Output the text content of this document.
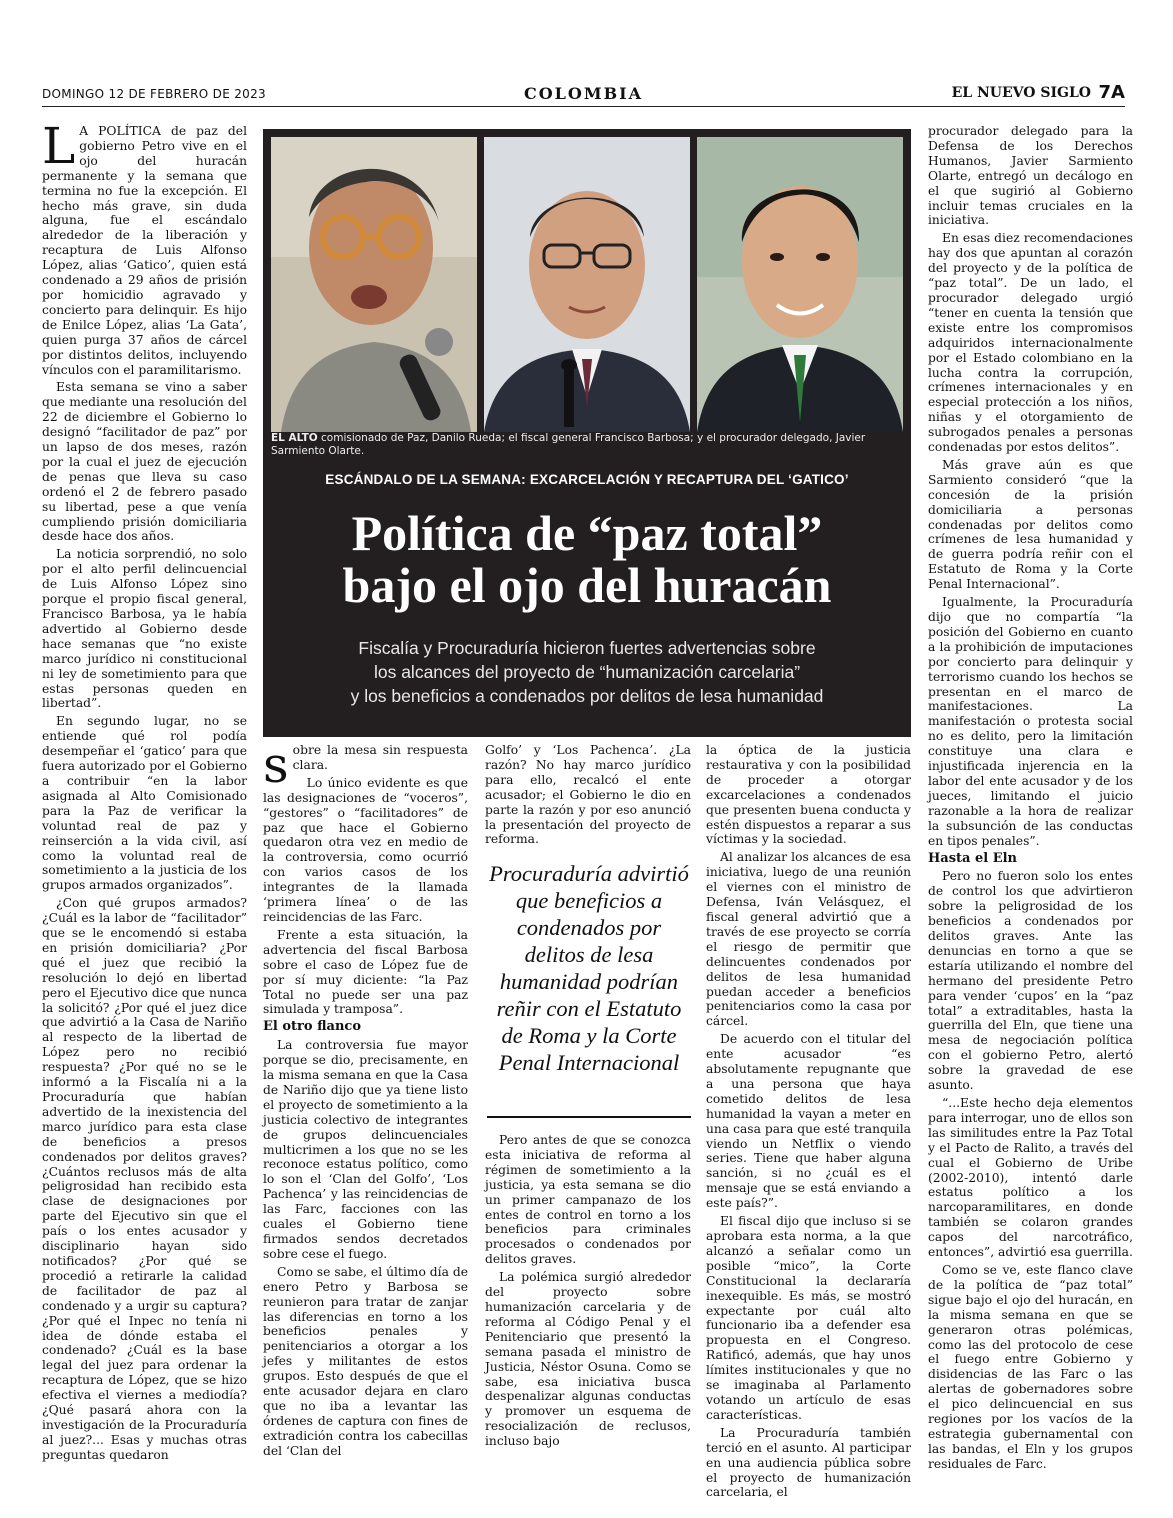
DOMINGO 12 DE FEBRERO DE 2023	COLOMBIA	EL NUEVO SIGLO 7A

LA POLÍTICA de paz del gobierno Petro vive en el ojo del huracán permanente y la semana que termina no fue la excepción. El hecho más grave, sin duda alguna, fue el escándalo alrededor de la liberación y recaptura de Luis Alfonso López, alias ‘Gatico’, quien está condenado a 29 años de prisión por homicidio agravado y concierto para delinquir. Es hijo de Enilce López, alias ‘La Gata’, quien purga 37 años de cárcel por distintos delitos, incluyendo vínculos con el paramilitarismo.

Esta semana se vino a saber que mediante una resolución del 22 de diciembre el Gobierno lo designó “facilitador de paz” por un lapso de dos meses, razón por la cual el juez de ejecución de penas que lleva su caso ordenó el 2 de febrero pasado su libertad, pese a que venía cumpliendo prisión domiciliaria desde hace dos años.

La noticia sorprendió, no solo por el alto perfil delincuencial de Luis Alfonso López sino porque el propio fiscal general, Francisco Barbosa, ya le había advertido al Gobierno desde hace semanas que “no existe marco jurídico ni constitucional ni ley de sometimiento para que estas personas queden en libertad”.

En segundo lugar, no se entiende qué rol podía desempeñar el ‘gatico’ para que fuera autorizado por el Gobierno a contribuir “en la labor asignada al Alto Comisionado para la Paz de verificar la voluntad real de paz y reinserción a la vida civil, así como la voluntad real de sometimiento a la justicia de los grupos armados organizados”.

¿Con qué grupos armados? ¿Cuál es la labor de “facilitador” que se le encomendó si estaba en prisión domiciliaria? ¿Por qué el juez que recibió la resolución lo dejó en libertad pero el Ejecutivo dice que nunca la solicitó? ¿Por qué el juez dice que advirtió a la Casa de Nariño al respecto de la libertad de López pero no recibió respuesta? ¿Por qué no se le informó a la Fiscalía ni a la Procuraduría que habían advertido de la inexistencia del marco jurídico para esta clase de beneficios a presos condenados por delitos graves? ¿Cuántos reclusos más de alta peligrosidad han recibido esta clase de designaciones por parte del Ejecutivo sin que el país o los entes acusador y disciplinario hayan sido notificados? ¿Por qué se procedió a retirarle la calidad de facilitador de paz al condenado y a urgir su captura? ¿Por qué el Inpec no tenía ni idea de dónde estaba el condenado? ¿Cuál es la base legal del juez para ordenar la recaptura de López, que se hizo efectiva el viernes a mediodía? ¿Qué pasará ahora con la investigación de la Procuraduría al juez?... Esas y muchas otras preguntas quedaron

EL ALTO comisionado de Paz, Danilo Rueda; el fiscal general Francisco Barbosa; y el procurador delegado, Javier Sarmiento Olarte.
ESCÁNDALO DE LA SEMANA: EXCARCELACIÓN Y RECAPTURA DEL ‘GATICO’
Política de “paz total”
bajo el ojo del huracán
Fiscalía y Procuraduría hicieron fuertes advertencias sobre
los alcances del proyecto de “humanización carcelaria”
y los beneficios a condenados por delitos de lesa humanidad

sobre la mesa sin respuesta clara.

Lo único evidente es que las designaciones de “voceros”, “gestores” o “facilitadores” de paz que hace el Gobierno quedaron otra vez en medio de la controversia, como ocurrió con varios casos de los integrantes de la llamada ‘primera línea’ o de las reincidencias de las Farc.

Frente a esta situación, la advertencia del fiscal Barbosa sobre el caso de López fue de por sí muy diciente: “la Paz Total no puede ser una paz simulada y tramposa”.

El otro flanco

La controversia fue mayor porque se dio, precisamente, en la misma semana en que la Casa de Nariño dijo que ya tiene listo el proyecto de sometimiento a la justicia colectivo de integrantes de grupos delincuenciales multicrimen a los que no se les reconoce estatus político, como lo son el ‘Clan del Golfo’, ‘Los Pachenca’ y las reincidencias de las Farc, facciones con las cuales el Gobierno tiene firmados sendos decretados sobre cese el fuego.

Como se sabe, el último día de enero Petro y Barbosa se reunieron para tratar de zanjar las diferencias en torno a los beneficios penales y penitenciarios a otorgar a los jefes y militantes de estos grupos. Esto después de que el ente acusador dejara en claro que no iba a levantar las órdenes de captura con fines de extradición contra los cabecillas del ‘Clan del

Golfo’ y ‘Los Pachenca’. ¿La razón? No hay marco jurídico para ello, recalcó el ente acusador; el Gobierno le dio en parte la razón y por eso anunció la presentación del proyecto de reforma.

Procuraduría advirtió que beneficios a condenados por delitos de lesa humanidad podrían reñir con el Estatuto de Roma y la Corte Penal Internacional

Pero antes de que se conozca esta iniciativa de reforma al régimen de sometimiento a la justicia, ya esta semana se dio un primer campanazo de los entes de control en torno a los beneficios para criminales procesados o condenados por delitos graves.

La polémica surgió alrededor del proyecto sobre humanización carcelaria y de reforma al Código Penal y el Penitenciario que presentó la semana pasada el ministro de Justicia, Néstor Osuna. Como se sabe, esa iniciativa busca despenalizar algunas conductas y promover un esquema de resocialización de reclusos, incluso bajo

la óptica de la justicia restaurativa y con la posibilidad de proceder a otorgar excarcelaciones a condenados que presenten buena conducta y estén dispuestos a reparar a sus víctimas y la sociedad.

Al analizar los alcances de esa iniciativa, luego de una reunión el viernes con el ministro de Defensa, Iván Velásquez, el fiscal general advirtió que a través de ese proyecto se corría el riesgo de permitir que delincuentes condenados por delitos de lesa humanidad puedan acceder a beneficios penitenciarios como la casa por cárcel.

De acuerdo con el titular del ente acusador “es absolutamente repugnante que a una persona que haya cometido delitos de lesa humanidad la vayan a meter en una casa para que esté tranquila viendo un Netflix o viendo series. Tiene que haber alguna sanción, si no ¿cuál es el mensaje que se está enviando a este país?”.

El fiscal dijo que incluso si se aprobara esta norma, a la que alcanzó a señalar como un posible “mico”, la Corte Constitucional la declararía inexequible. Es más, se mostró expectante por cuál alto funcionario iba a defender esa propuesta en el Congreso. Ratificó, además, que hay unos límites institucionales y que no se imaginaba al Parlamento votando un artículo de esas características.

La Procuraduría también terció en el asunto. Al participar en una audiencia pública sobre el proyecto de humanización carcelaria, el

procurador delegado para la Defensa de los Derechos Humanos, Javier Sarmiento Olarte, entregó un decálogo en el que sugirió al Gobierno incluir temas cruciales en la iniciativa.

En esas diez recomendaciones hay dos que apuntan al corazón del proyecto y de la política de “paz total”. De un lado, el procurador delegado urgió “tener en cuenta la tensión que existe entre los compromisos adquiridos internacionalmente por el Estado colombiano en la lucha contra la corrupción, crímenes internacionales y en especial protección a los niños, niñas y el otorgamiento de subrogados penales a personas condenadas por estos delitos”.

Más grave aún es que Sarmiento consideró “que la concesión de la prisión domiciliaria a personas condenadas por delitos como crímenes de lesa humanidad y de guerra podría reñir con el Estatuto de Roma y la Corte Penal Internacional”.

Igualmente, la Procuraduría dijo que no compartía “la posición del Gobierno en cuanto a la prohibición de imputaciones por concierto para delinquir y terrorismo cuando los hechos se presentan en el marco de manifestaciones. La manifestación o protesta social no es delito, pero la limitación constituye una clara e injustificada injerencia en la labor del ente acusador y de los jueces, limitando el juicio razonable a la hora de realizar la subsunción de las conductas en tipos penales”.

Hasta el Eln

Pero no fueron solo los entes de control los que advirtieron sobre la peligrosidad de los beneficios a condenados por delitos graves. Ante las denuncias en torno a que se estaría utilizando el nombre del hermano del presidente Petro para vender ‘cupos’ en la “paz total” a extraditables, hasta la guerrilla del Eln, que tiene una mesa de negociación política con el gobierno Petro, alertó sobre la gravedad de ese asunto.

“...Este hecho deja elementos para interrogar, uno de ellos son las similitudes entre la Paz Total y el Pacto de Ralito, a través del cual el Gobierno de Uribe (2002-2010), intentó darle estatus político a los narcoparamilitares, en donde también se colaron grandes capos del narcotráfico, entonces”, advirtió esa guerrilla.

Como se ve, este flanco clave de la política de “paz total” sigue bajo el ojo del huracán, en la misma semana en que se generaron otras polémicas, como las del protocolo de cese el fuego entre Gobierno y disidencias de las Farc o las alertas de gobernadores sobre el pico delincuencial en sus regiones por los vacíos de la estrategia gubernamental con las bandas, el Eln y los grupos residuales de Farc.
